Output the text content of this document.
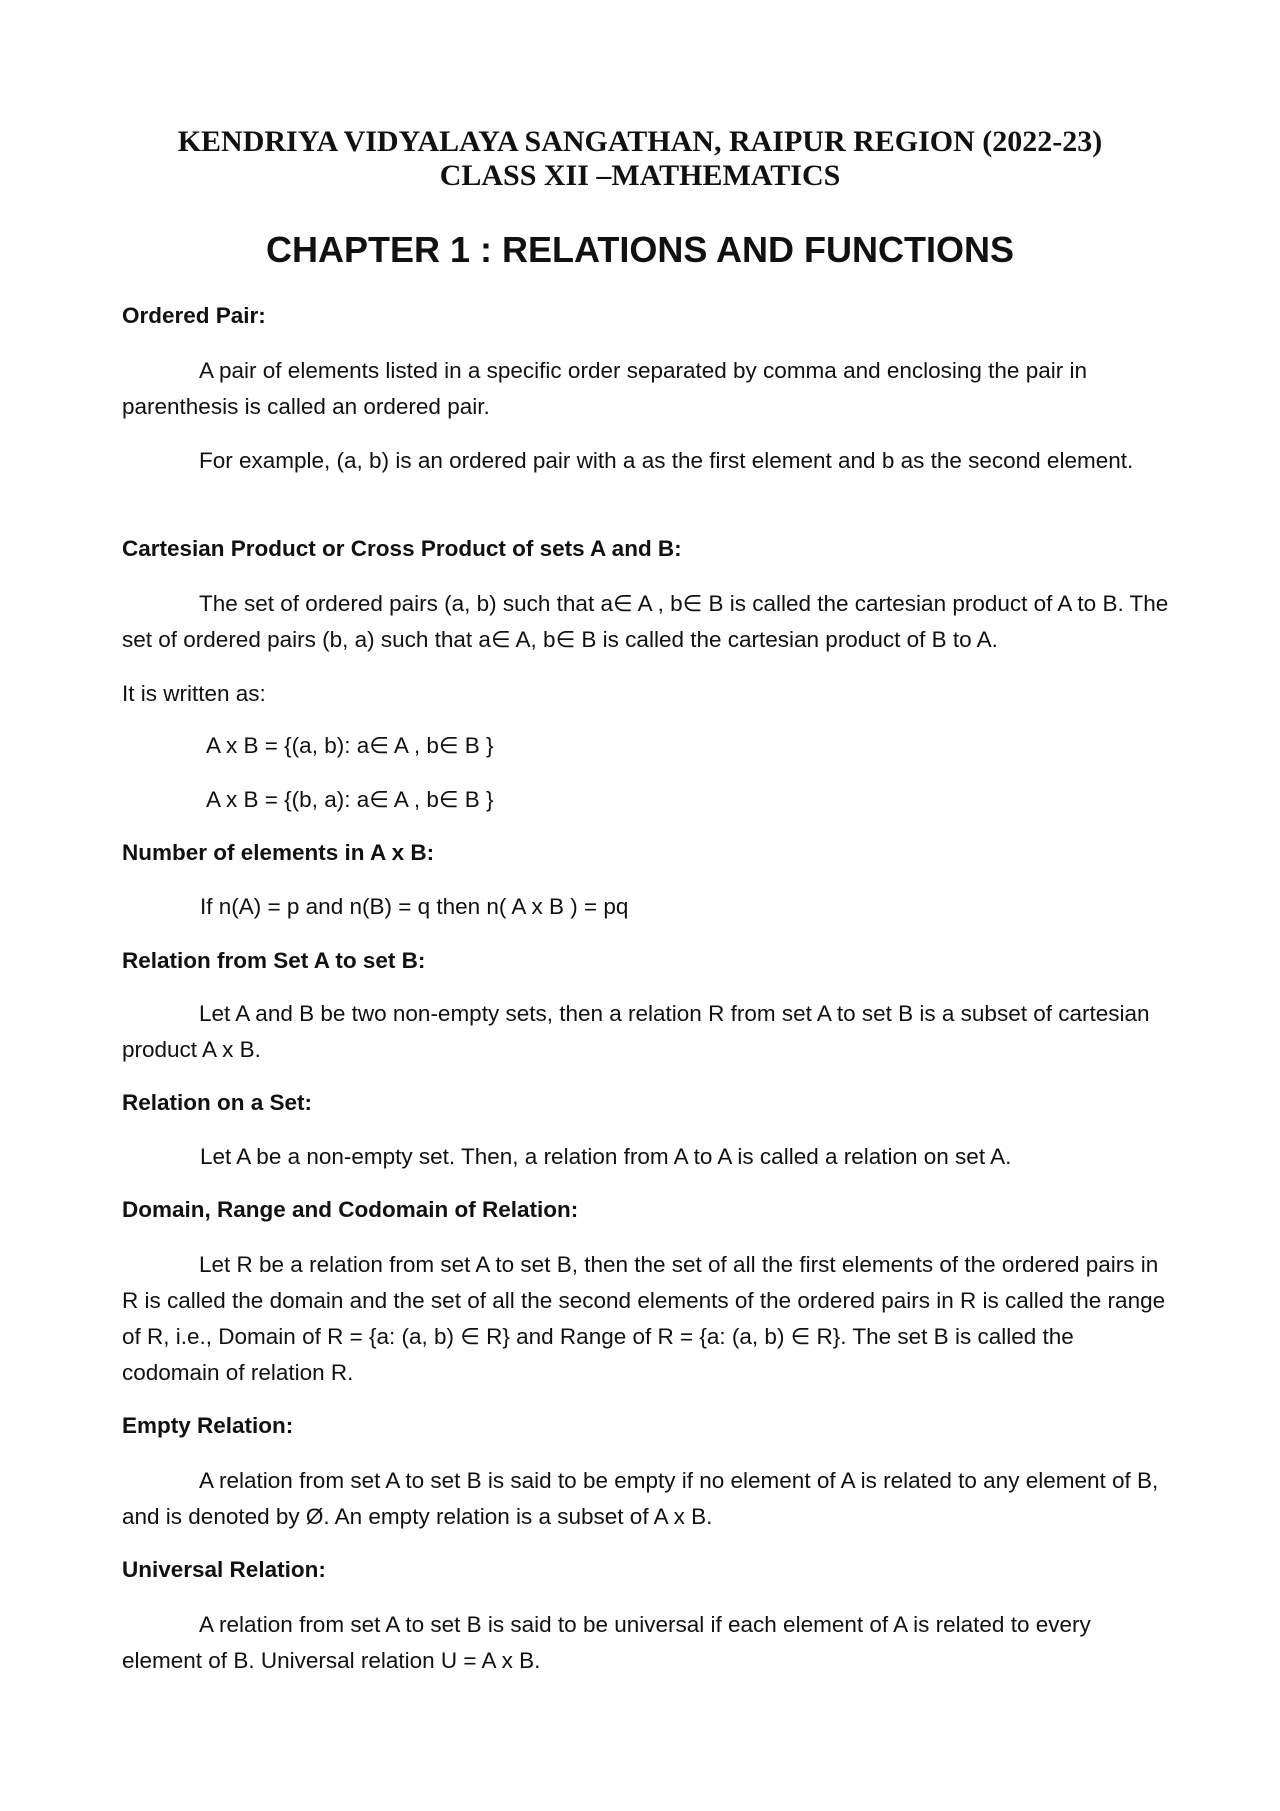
KENDRIYA VIDYALAYA SANGATHAN, RAIPUR REGION (2022-23)
CLASS XII –MATHEMATICS
CHAPTER 1 : RELATIONS AND FUNCTIONS
Ordered Pair:
A pair of elements listed in a specific order separated by comma and enclosing the pair in parenthesis is called an ordered pair.
For example, (a, b) is an ordered pair with a as the first element and b as the second element.
Cartesian Product or Cross Product of sets A and B:
The set of ordered pairs (a, b) such that a∈ A , b∈ B is called the cartesian product of A to B. The set of ordered pairs (b, a) such that a∈ A, b∈ B is called the cartesian product of B to A.
It is written as:
A x B = {(a, b): a∈ A , b∈ B }
A x B = {(b, a): a∈ A , b∈ B }
Number of elements in A x B:
If n(A) = p and n(B) = q then n( A x B ) = pq
Relation from Set A to set B:
Let A and B be two non-empty sets, then a relation R from set A to set B is a subset of cartesian product A x B.
Relation on a Set:
Let A be a non-empty set. Then, a relation from A to A is called a relation on set A.
Domain, Range and Codomain of Relation:
Let R be a relation from set A to set B, then the set of all the first elements of the ordered pairs in R is called the domain and the set of all the second elements of the ordered pairs in R is called the range of R, i.e., Domain of R = {a: (a, b) ∈ R} and Range of R = {a: (a, b) ∈ R}. The set B is called the codomain of relation R.
Empty Relation:
A relation from set A to set B is said to be empty if no element of A is related to any element of B, and is denoted by Ø. An empty relation is a subset of A x B.
Universal Relation:
A relation from set A to set B is said to be universal if each element of A is related to every element of B. Universal relation U = A x B.
